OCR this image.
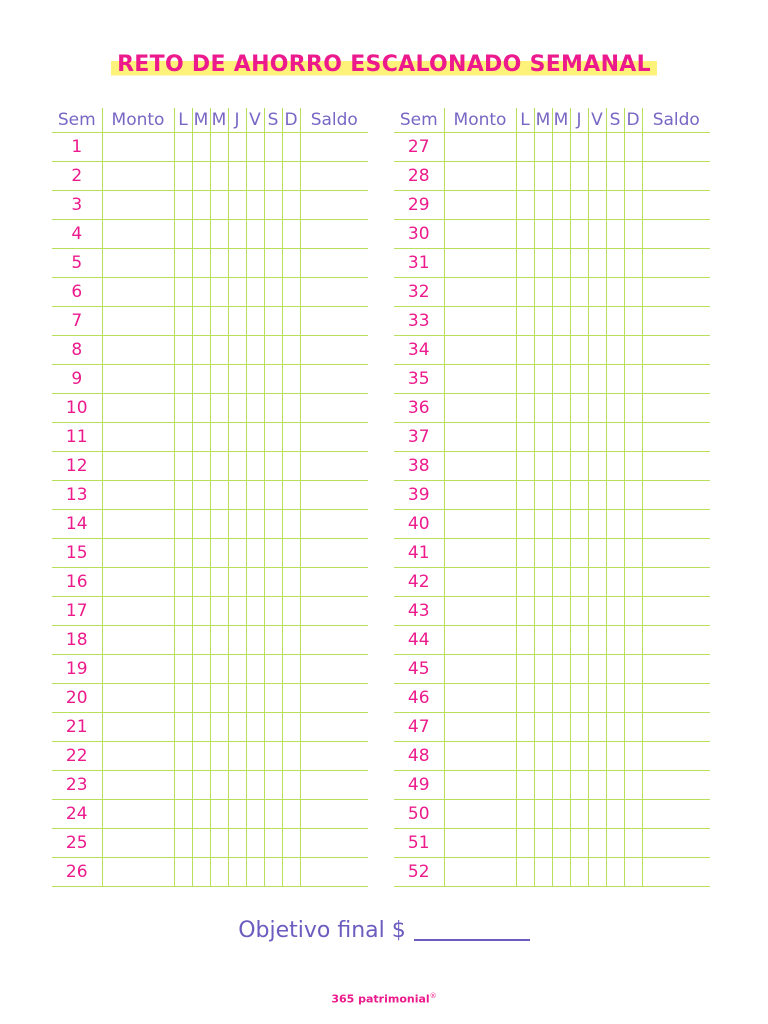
RETO DE AHORRO ESCALONADO SEMANAL
Sem	Monto	L	M	M	J	V	S	D	Saldo
1									
2									
3									
4									
5									
6									
7									
8									
9									
10									
11									
12									
13									
14									
15									
16									
17									
18									
19									
20									
21									
22									
23									
24									
25									
26									
Sem	Monto	L	M	M	J	V	S	D	Saldo
27									
28									
29									
30									
31									
32									
33									
34									
35									
36									
37									
38									
39									
40									
41									
42									
43									
44									
45									
46									
47									
48									
49									
50									
51									
52									
Objetivo final $
365 patrimonial®
